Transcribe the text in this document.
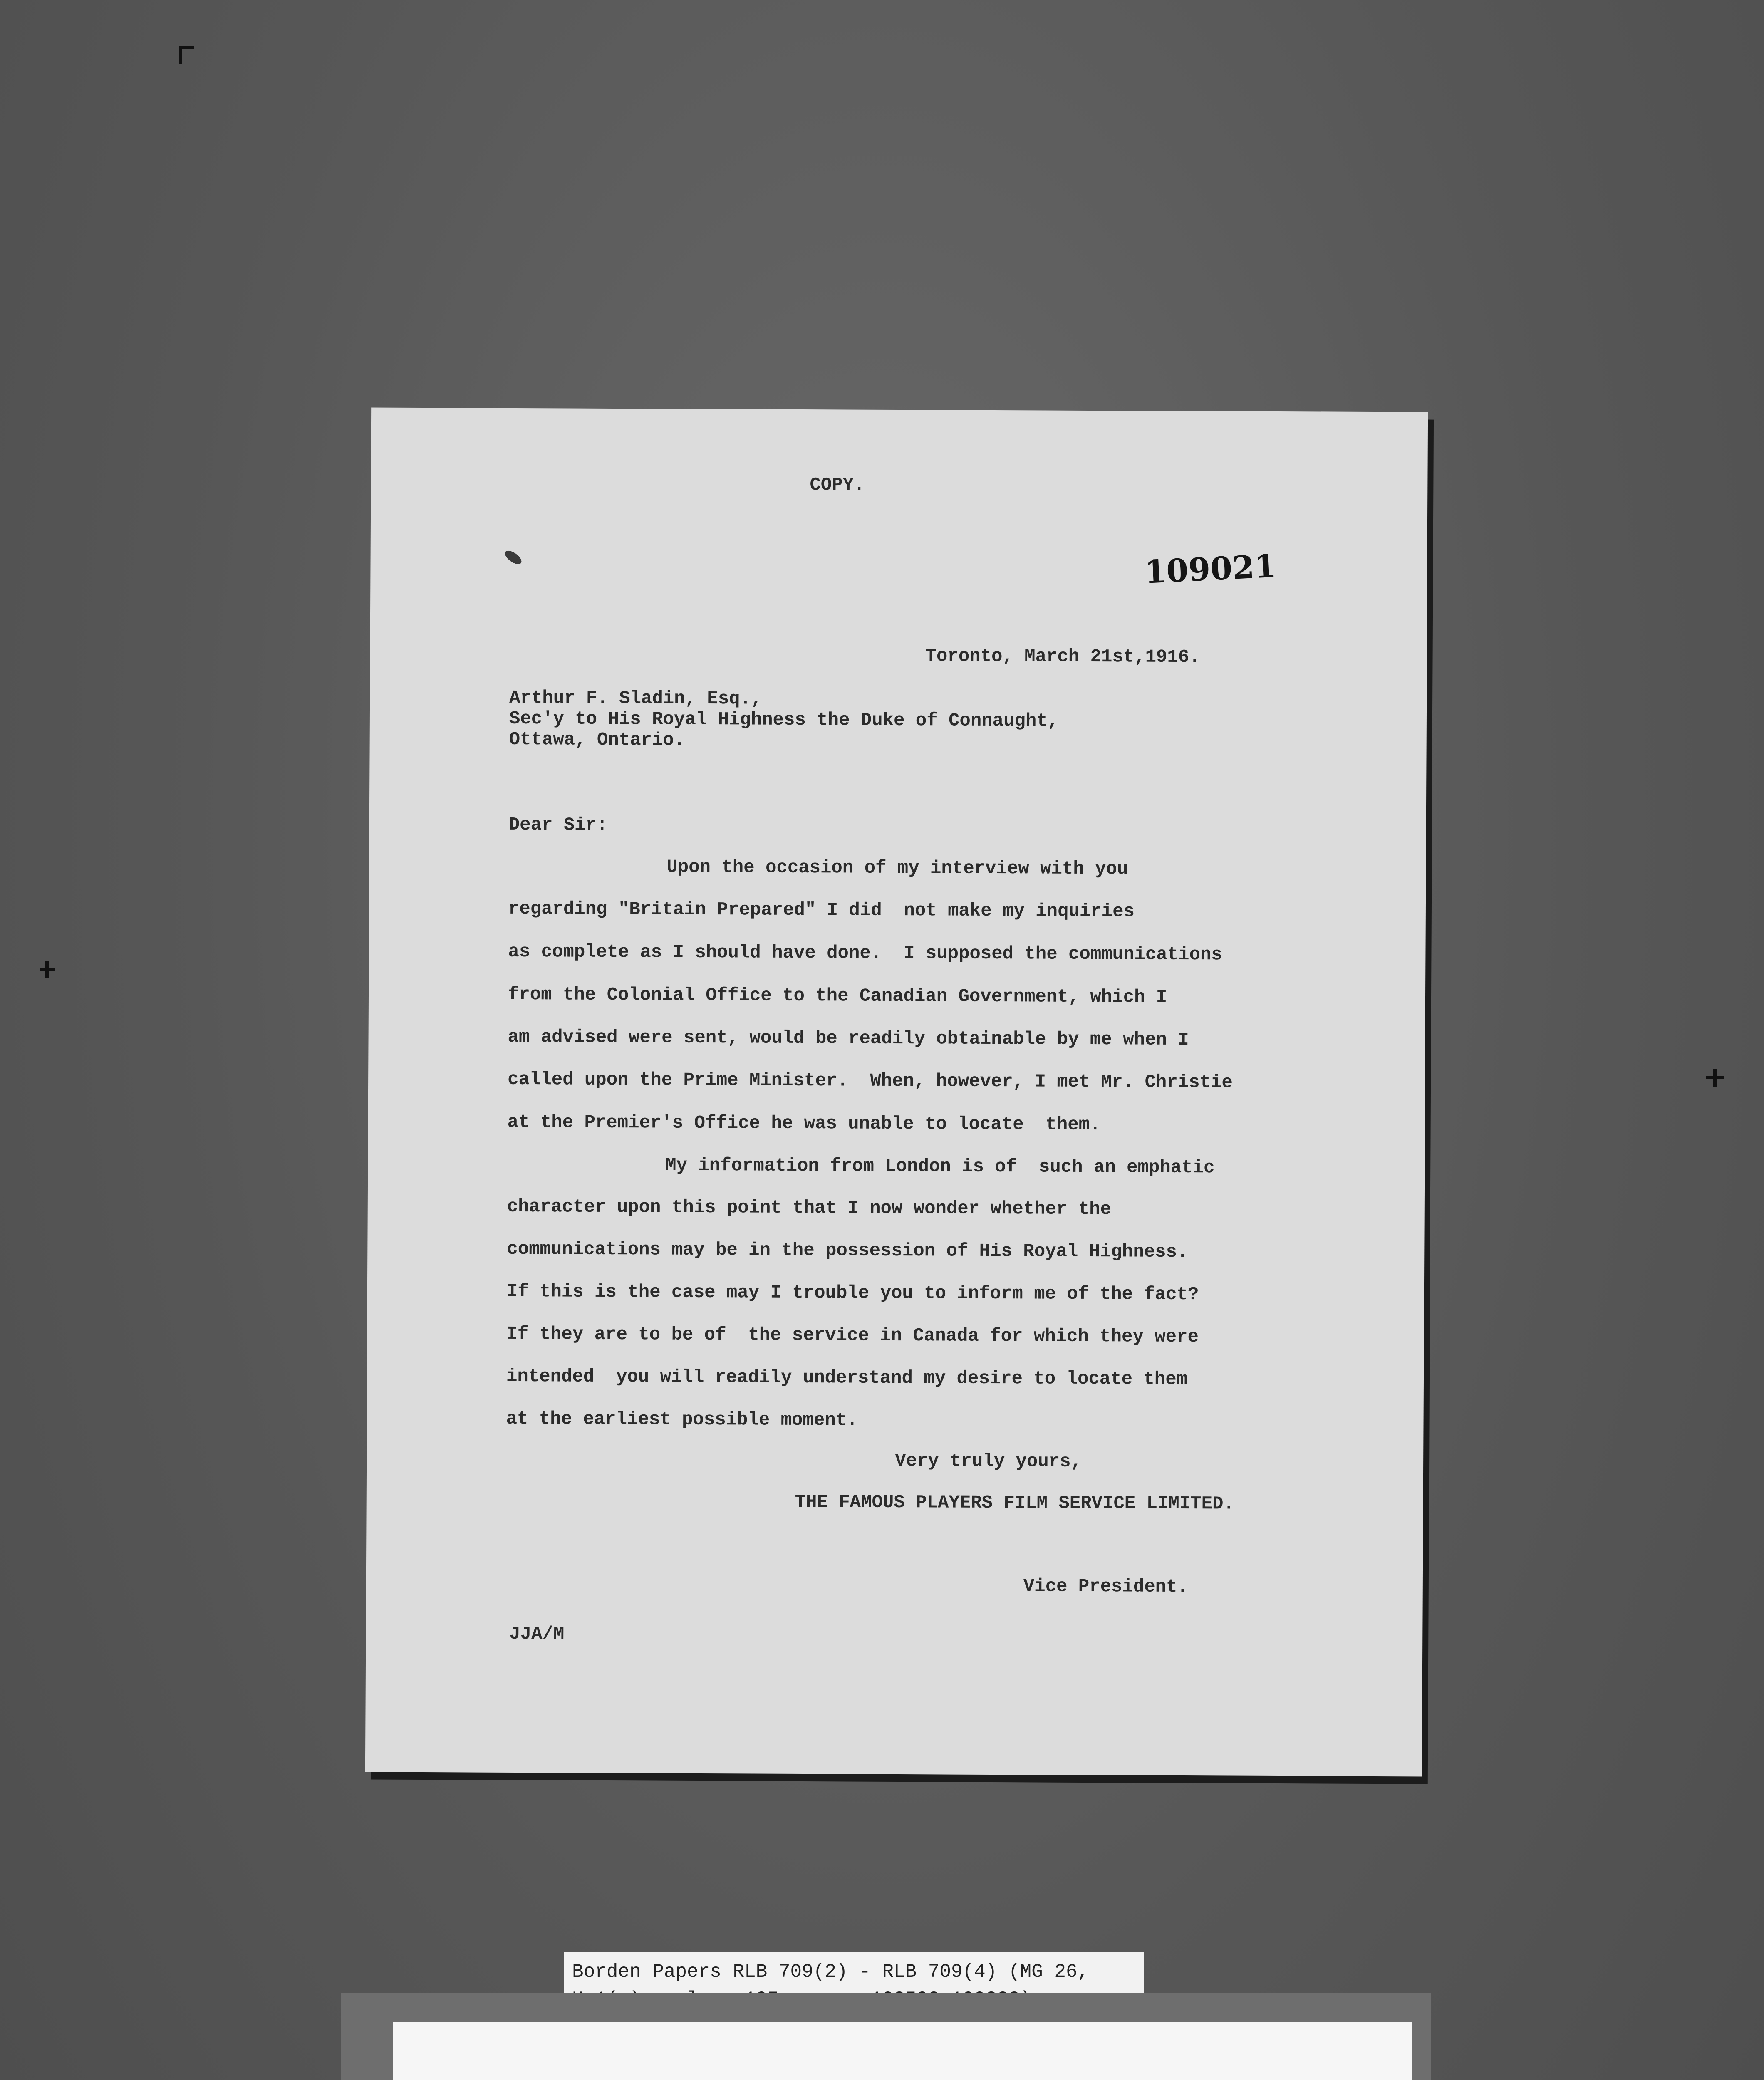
COPY.
109021
Toronto, March 21st,1916.
Arthur F. Sladin, Esq.,
Sec'y to His Royal Highness the Duke of Connaught,
Ottawa, Ontario.
Dear Sir:
Upon the occasion of my interview with you
regarding "Britain Prepared" I did  not make my inquiries
as complete as I should have done.  I supposed the communications
from the Colonial Office to the Canadian Government, which I
am advised were sent, would be readily obtainable by me when I
called upon the Prime Minister.  When, however, I met Mr. Christie
at the Premier's Office he was unable to locate  them.
My information from London is of  such an emphatic
character upon this point that I now wonder whether the
communications may be in the possession of His Royal Highness.
If this is the case may I trouble you to inform me of the fact?
If they are to be of  the service in Canada for which they were
intended  you will readily understand my desire to locate them
at the earliest possible moment.
Very truly yours,
THE FAMOUS PLAYERS FILM SERVICE LIMITED.
Vice President.
JJA/M
Borden Papers RLB 709(2) - RLB 709(4) (MG 26,
